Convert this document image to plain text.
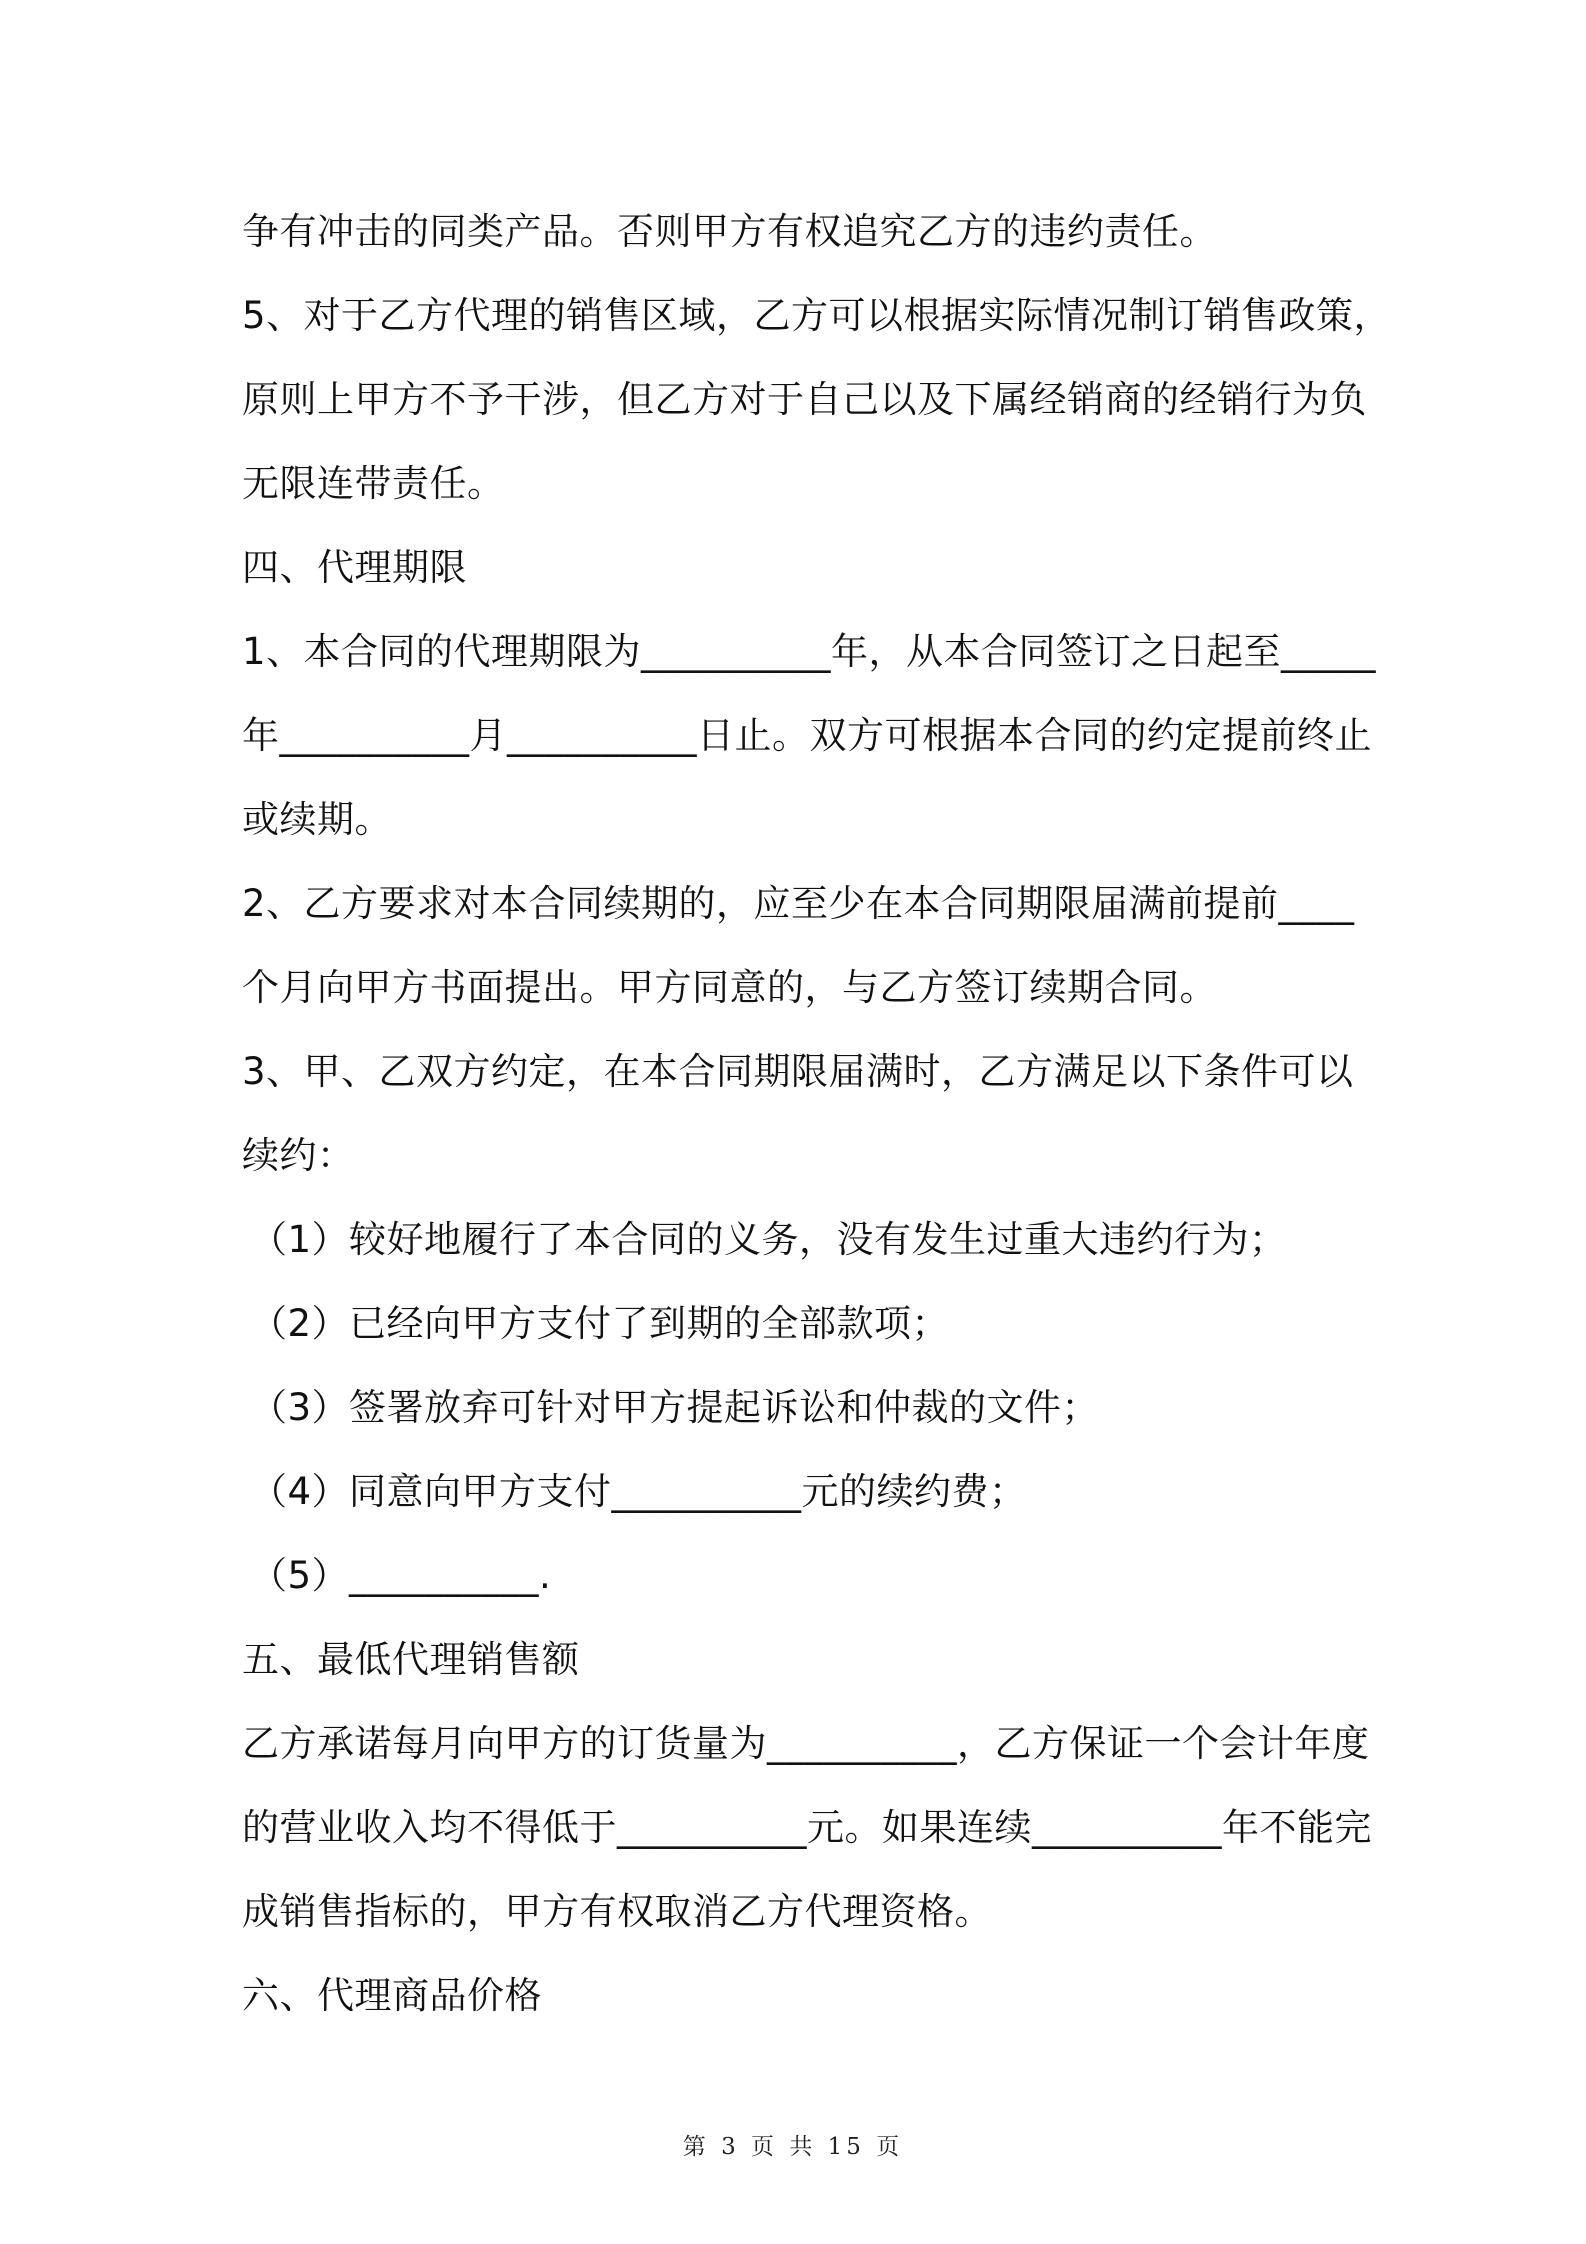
争有冲击的同类产品。否则甲方有权追究乙方的违约责任。
5、对于乙方代理的销售区域，乙方可以根据实际情况制订销售政策，
原则上甲方不予干涉，但乙方对于自己以及下属经销商的经销行为负
无限连带责任。
四、代理期限
1、本合同的代理期限为__________年，从本合同签订之日起至_____
年__________月__________日止。双方可根据本合同的约定提前终止
或续期。
2、乙方要求对本合同续期的，应至少在本合同期限届满前提前____
个月向甲方书面提出。甲方同意的，与乙方签订续期合同。
3、甲、乙双方约定，在本合同期限届满时，乙方满足以下条件可以
续约：
（1）较好地履行了本合同的义务，没有发生过重大违约行为；
（2）已经向甲方支付了到期的全部款项；
（3）签署放弃可针对甲方提起诉讼和仲裁的文件；
（4）同意向甲方支付__________元的续约费；
（5）__________.
五、最低代理销售额
乙方承诺每月向甲方的订货量为__________，乙方保证一个会计年度
的营业收入均不得低于__________元。如果连续__________年不能完
成销售指标的，甲方有权取消乙方代理资格。
六、代理商品价格
第 3 页 共 15 页
